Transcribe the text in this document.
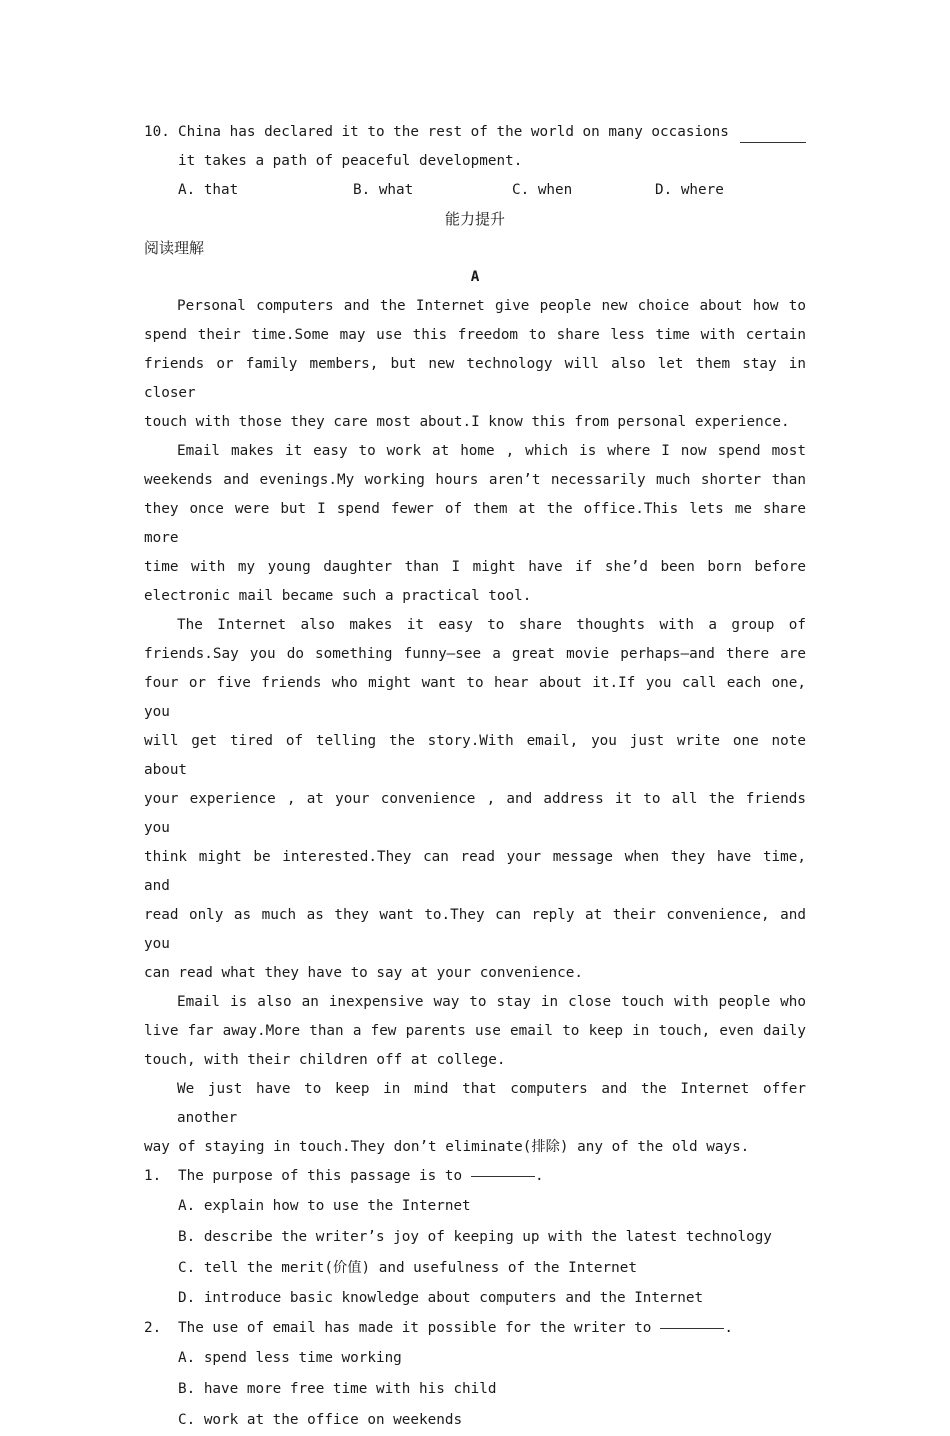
10. China has declared it to the rest of the world on many occasions
it takes a path of peaceful development.
A. that	B. what	C. when	D. where
能力提升
阅读理解
A
Personal computers and the Internet give people new choice about how to
spend their time.Some may use this freedom to share less time with certain
friends or family members, but new technology will also let them stay in closer
touch with those they care most about.I know this from personal experience.
Email makes it easy to work at home , which is where I now spend most
weekends and evenings.My working hours aren’t necessarily much shorter than
they once were but I spend fewer of them at the office.This lets me share more
time with my young daughter than I might have if she’d been born before
electronic mail became such a practical tool.
The Internet also makes it easy to share thoughts with a group of
friends.Say you do something funny—see a great movie perhaps—and there are
four or five friends who might want to hear about it.If you call each one, you
will get tired of telling the story.With email, you just write one note about
your experience , at your convenience , and address it to all the friends you
think might be interested.They can read your message when they have time, and
read only as much as they want to.They can reply at their convenience, and you
can read what they have to say at your convenience.
Email is also an inexpensive way to stay in close touch with people who
live far away.More than a few parents use email to keep in touch, even daily
touch, with their children off at college.
We just have to keep in mind that computers and the Internet offer another
way of staying in touch.They don’t eliminate(排除) any of the old ways.
1.	The purpose of this passage is to	.
A. explain how to use the Internet
B. describe the writer’s joy of keeping up with the latest technology
C. tell the merit(价值) and usefulness of the Internet
D. introduce basic knowledge about computers and the Internet
2.	The use of email has made it possible for the writer to	.
A. spend less time working
B. have more free time with his child
C. work at the office on weekends
